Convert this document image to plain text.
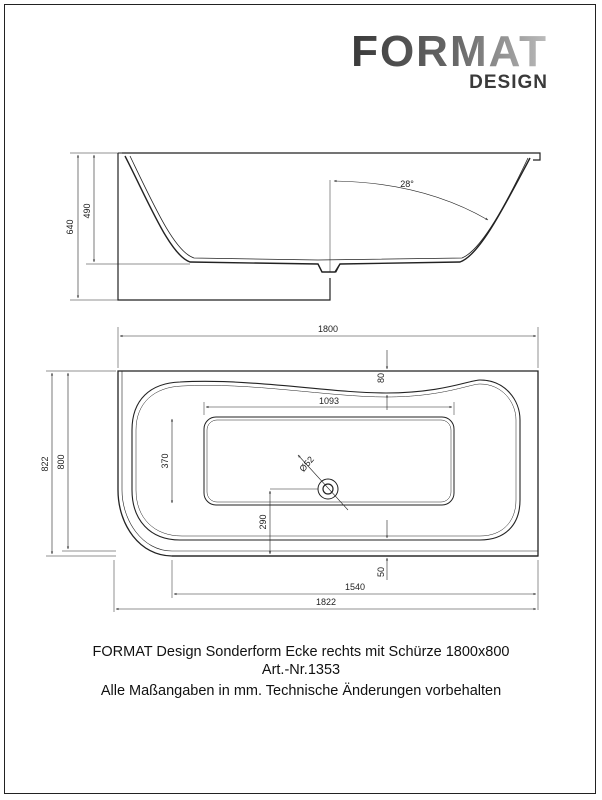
FORMAT
DESIGN
640
490
28°
1800
80
1093
Ø52
370
290
822 800
50
1540
1822
FORMAT Design Sonderform Ecke rechts mit Schürze 1800x800
Art.-Nr.1353
Alle Maßangaben in mm. Technische Änderungen vorbehalten
